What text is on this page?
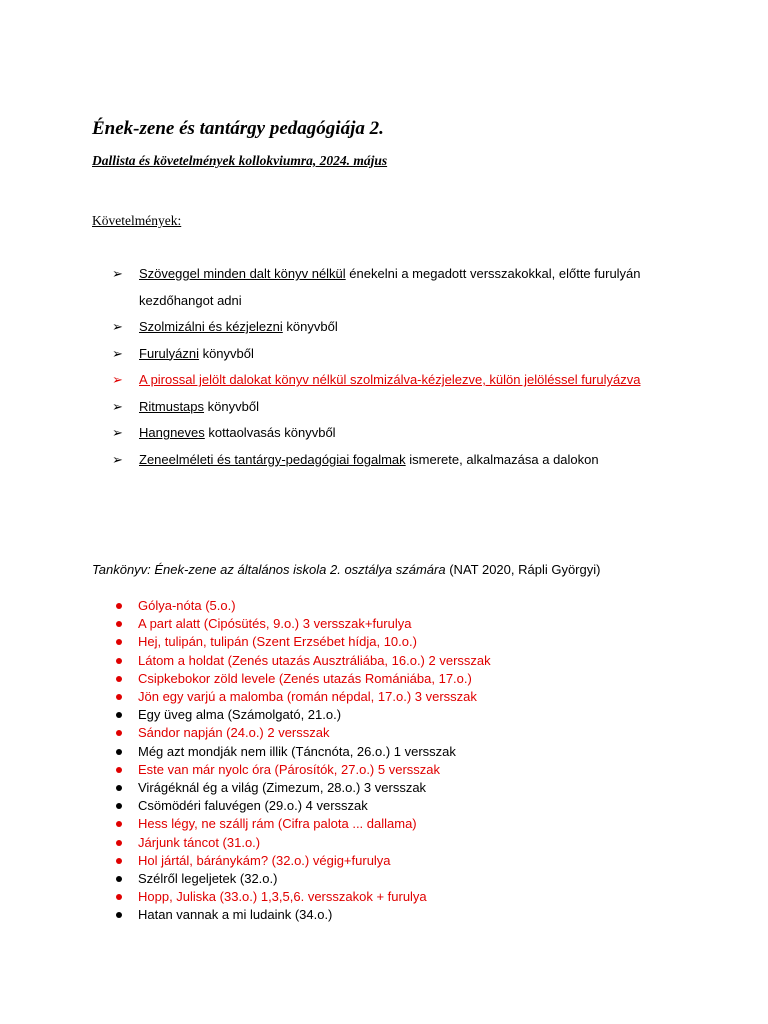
Ének-zene és tantárgy pedagógiája 2.
Dallista és követelmények kollokviumra, 2024. május
Követelmények:
➢ Szöveggel minden dalt könyv nélkül énekelni a megadott versszakokkal, előtte furulyán kezdőhangot adni
➢ Szolmizálni és kézjelezni könyvből
➢ Furulyázni könyvből
➢ A pirossal jelölt dalokat könyv nélkül szolmizálva-kézjelezve, külön jelöléssel furulyázva
➢ Ritmustaps könyvből
➢ Hangneves kottaolvasás könyvből
➢ Zeneelméleti és tantárgy-pedagógiai fogalmak ismerete, alkalmazása a dalokon
Tankönyv: Ének-zene az általános iskola 2. osztálya számára (NAT 2020, Rápli Györgyi)
Gólya-nóta (5.o.)
A part alatt (Cipósütés, 9.o.) 3 versszak+furulya
Hej, tulipán, tulipán (Szent Erzsébet hídja, 10.o.)
Látom a holdat (Zenés utazás Ausztráliába, 16.o.) 2 versszak
Csipkebokor zöld levele (Zenés utazás Romániába, 17.o.)
Jön egy varjú a malomba (román népdal, 17.o.) 3 versszak
Egy üveg alma (Számolgató, 21.o.)
Sándor napján (24.o.) 2 versszak
Még azt mondják nem illik (Táncnóta, 26.o.) 1 versszak
Este van már nyolc óra (Párosítók, 27.o.) 5 versszak
Virágéknál ég a világ (Zimezum, 28.o.) 3 versszak
Csömödéri faluvégen (29.o.) 4 versszak
Hess légy, ne szállj rám (Cifra palota ... dallama)
Járjunk táncot (31.o.)
Hol jártál, báránykám? (32.o.) végig+furulya
Szélről legeljetek (32.o.)
Hopp, Juliska (33.o.) 1,3,5,6. versszakok + furulya
Hatan vannak a mi ludaink (34.o.)
